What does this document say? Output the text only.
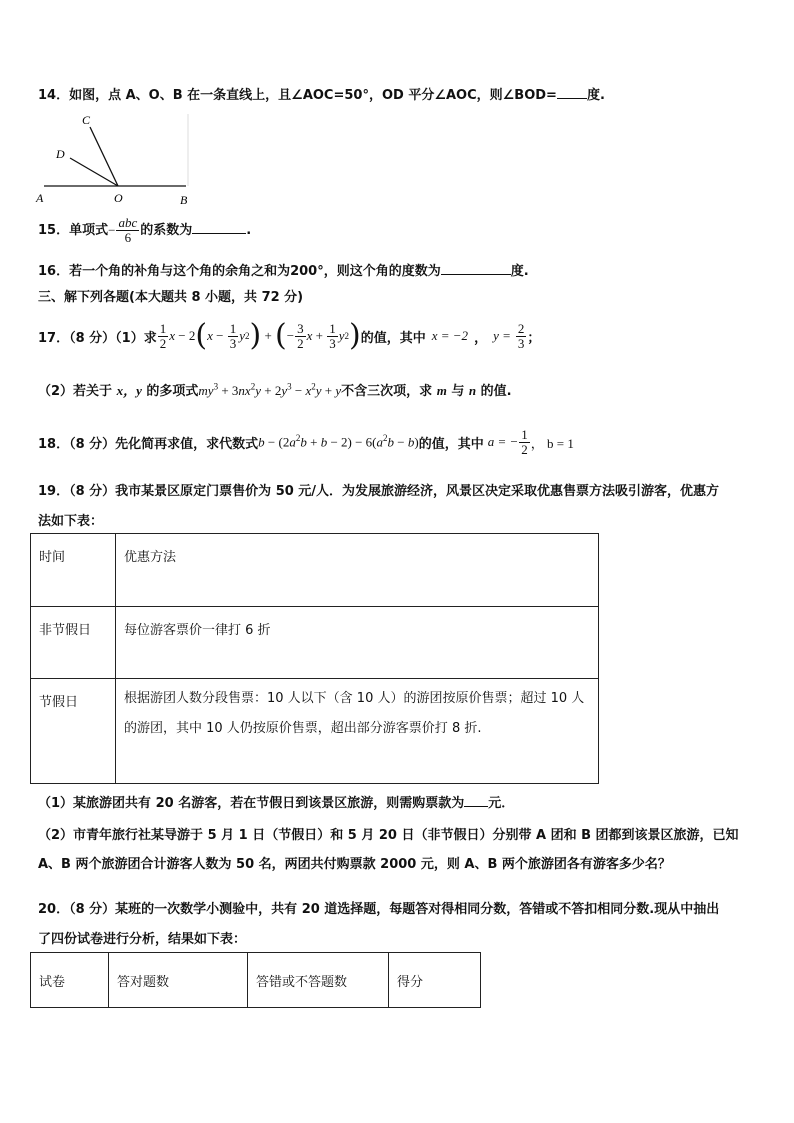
14．如图，点 A、O、B 在一条直线上，且∠AOC=50°，OD 平分∠AOC，则∠BOD= 度.
C
D
A	O	B
15．单项式− $\frac{\text{abc}}{6}$ 的系数为	.
16．若一个角的补角与这个角的余角之和为200°，则这个角的度数为	度.
三、解下列各题(本大题共 8 小题，共 72 分)
17．（8 分）（1）求 $\frac{1}{2}$ x − 2 ( $x - \frac{1}{3}$ y 2 ) + ( − $\frac{3}{2}$ $x + \frac{1}{3}$ y 2 ) 的值，其中 x = −2 ， $y = \frac{2}{3}$ ；
（2）若关于 x，y 的多项式$my^3 + 3nx^2y + 2y^3 - x^2y + y$不含三次项，求 m 与 n 的值.
18．（8 分）先化简再求值，求代数式 $b - (2a^2b + b - 2) - 6(a^2b - b)$ 的值，其中 a = − $\frac{1}{2}$ ， b = 1
19．（8 分）我市某景区原定门票售价为 50 元/人．为发展旅游经济，风景区决定采取优惠售票方法吸引游客，优惠方
法如下表：
时间	优惠方法
非节假日	每位游客票价一律打 6 折
节假日	根据游团人数分段售票：10 人以下（含 10 人）的游团按原价售票；超过 10 人
的游团，其中 10 人仍按原价售票，超出部分游客票价打 8 折.
（1）某旅游团共有 20 名游客，若在节假日到该景区旅游，则需购票款为 元．
（2）市青年旅行社某导游于 5 月 1 日（节假日）和 5 月 20 日（非节假日）分别带 A 团和 B 团都到该景区旅游，已知
A、B 两个旅游团合计游客人数为 50 名，两团共付购票款 2000 元，则 A、B 两个旅游团各有游客多少名？
20．（8 分）某班的一次数学小测验中，共有 20 道选择题，每题答对得相同分数，答错或不答扣相同分数.现从中抽出
了四份试卷进行分析，结果如下表：
试卷	答对题数	答错或不答题数	得分
